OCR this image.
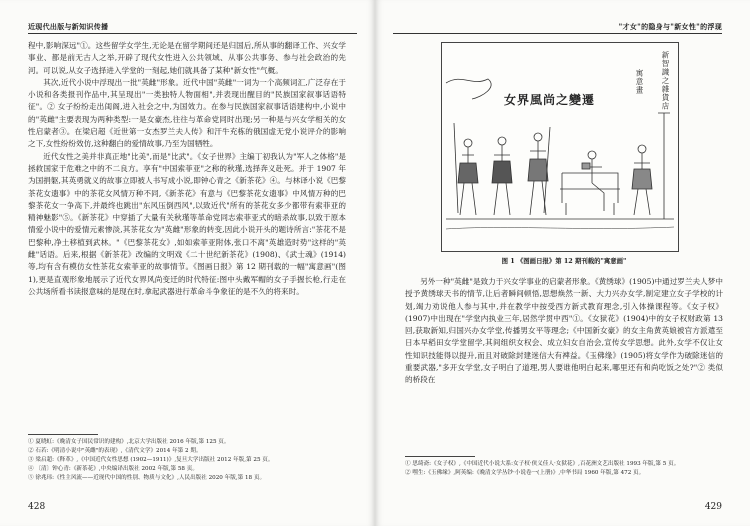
近现代出版与新知识传播

程中,影响深远"①。这些留学女学生,无论是在留学期间还是归国后,所从事的翻译工作、兴女学事业、都是前无古人之举,开辟了现代女性进入公共领域、从事公共事务、参与社会政治的先河。可以说,从女子选择进入学堂的一刻起,她们就具备了某种"新女性"气概。

其次,近代小说中浮现出一批"英雌"形象。近代中国"英雌"一词为一个高频词汇,广泛存在于小说和各类报刊作品中,其呈现出"一类独特人物面相",并表现出醒目的"民族国家叙事话语特征"。② 女子纷纷走出闺阁,进入社会之中,为国效力。在参与民族国家叙事话语建构中,小说中的"英雌"主要表现为两种类型:一是女豪杰,往往与革命党同时出现;另一种是与兴女学相关的女性启蒙者③。在梁启超《近世第一女杰罗兰夫人传》和汗牛充栋的俄国虚无党小说评介的影响之下,女性纷纷效仿,这种翻白的爱情故事,乃至为国牺牲。

近代女性之美并非真正地"比美",而是"比武"。《女子世界》主编丁初我认为"军人之体格"是拯救国家于危难之中的不二良方。享有"中国索菲亚"之称的秋瑾,选择奔义赴死。并于 1907 年为国捐躯,其英勇就义的故事立即被人书写成小说,即钟心青之《新茶花》④。与林译小说《巴黎茶花女遗事》中的茶花女风情万种不同,《新茶花》有意与《巴黎茶花女遗事》中风情万种的巴黎茶花女一争高下,并最终也跳出"东风压倒西风",以致近代"所有的茶花女多少都带有索菲亚的精神魅影"⑤。《新茶花》中穿插了大量有关秋瑾等革命党同志索菲亚式的暗杀故事,以致于原本情爱小说中的爱情元素惨淡,其茶花女为"英雌"形象的转变,因此小说开头的题诗所言:"茶花不是巴黎种,净土移植到武林。"《巴黎茶花女》,如如索菲亚附体,张口不离"英雄造时势"这样的"英雌"话语。后来,根据《新茶花》改编的文明戏《二十世纪新茶花》(1908)、《武士魂》(1914)等,均有含有模仿女性茶花女索菲亚的故事情节。《图画日报》第 12 期刊载的一幅"寓意画"(图 1),更是直观形象地展示了近代女界风尚变迁的时代特征:图中头戴军帽的女子手握长枪,行走在公共场所看书读报意味的是现在时,拿起武器进行革命斗争象征的是不久的将来时。

① 夏晓虹:《晚清女子国民常识的建构》,北京大学出版社 2016 年版,第 125 页。

② 石若:《明清小说中"英雌"的表现》,《清代文学》2014 年第 2 期。

③ 梁启超:《释革》,《中国近代女性思想 (1902—1911)》,复旦大学出版社 2012 年版,第 25 页。

④ 〔清〕钟心青:《新茶花》,中央编译出版社 2002 年版,第 58 页。

⑤ 徐兆玮:《性主风流——近现代中国的性别、物质与文化》,人民出版社 2020 年版,第 18 页。

428
"才女"的隐身与"新女性"的浮现
女界風尚之變遷	新智識之雜貨店
寓意畫
图 1 《图画日报》第 12 期刊载的"寓意画"

另外一种"英雌"是致力于兴女学事业的启蒙者形象。《黄绣球》(1905)中通过罗兰夫人梦中授予黄绣球天书的情节,让后者瞬间顿悟,思想焕然一新、大力兴办女学,制定建立女子学校的计划,竭力劝说他人参与其中,并在教学中按受西方新式教育理念,引入体操课程等。《女子权》(1907)中出现在"学堂内执业三年,居然学贯中西"①。《女狱花》(1904)中的女子权财政第 13 回,获取新知,归国兴办女学堂,传播男女平等理念;《中国新女豪》的女主角黄英娘被官方派遣至日本早稻田女学堂留学,其间组织女权会、成立妇女自治会,宣传女学思想。此外,女学不仅让女性知识技能得以提升,而且对破除封建迷信大有裨益。《玉佛缘》(1905)将女学作为破除迷信的重要武器,"多开女学堂,女子明白了道理,男人要谁他明白起来,哪里还有和尚吃饭之处?"② 类似的桥段在

① 思绮斋:《女子权》,《中国近代小说大系:女子权·侠义佳人·女狱花》,百花洲文艺出版社 1993 年版,第 5 页。

② 嘿生:《玉佛缘》,阿英编:《晚清文学丛钞·小说卷一(上册)》,中华书局 1960 年版,第 472 页。

429
